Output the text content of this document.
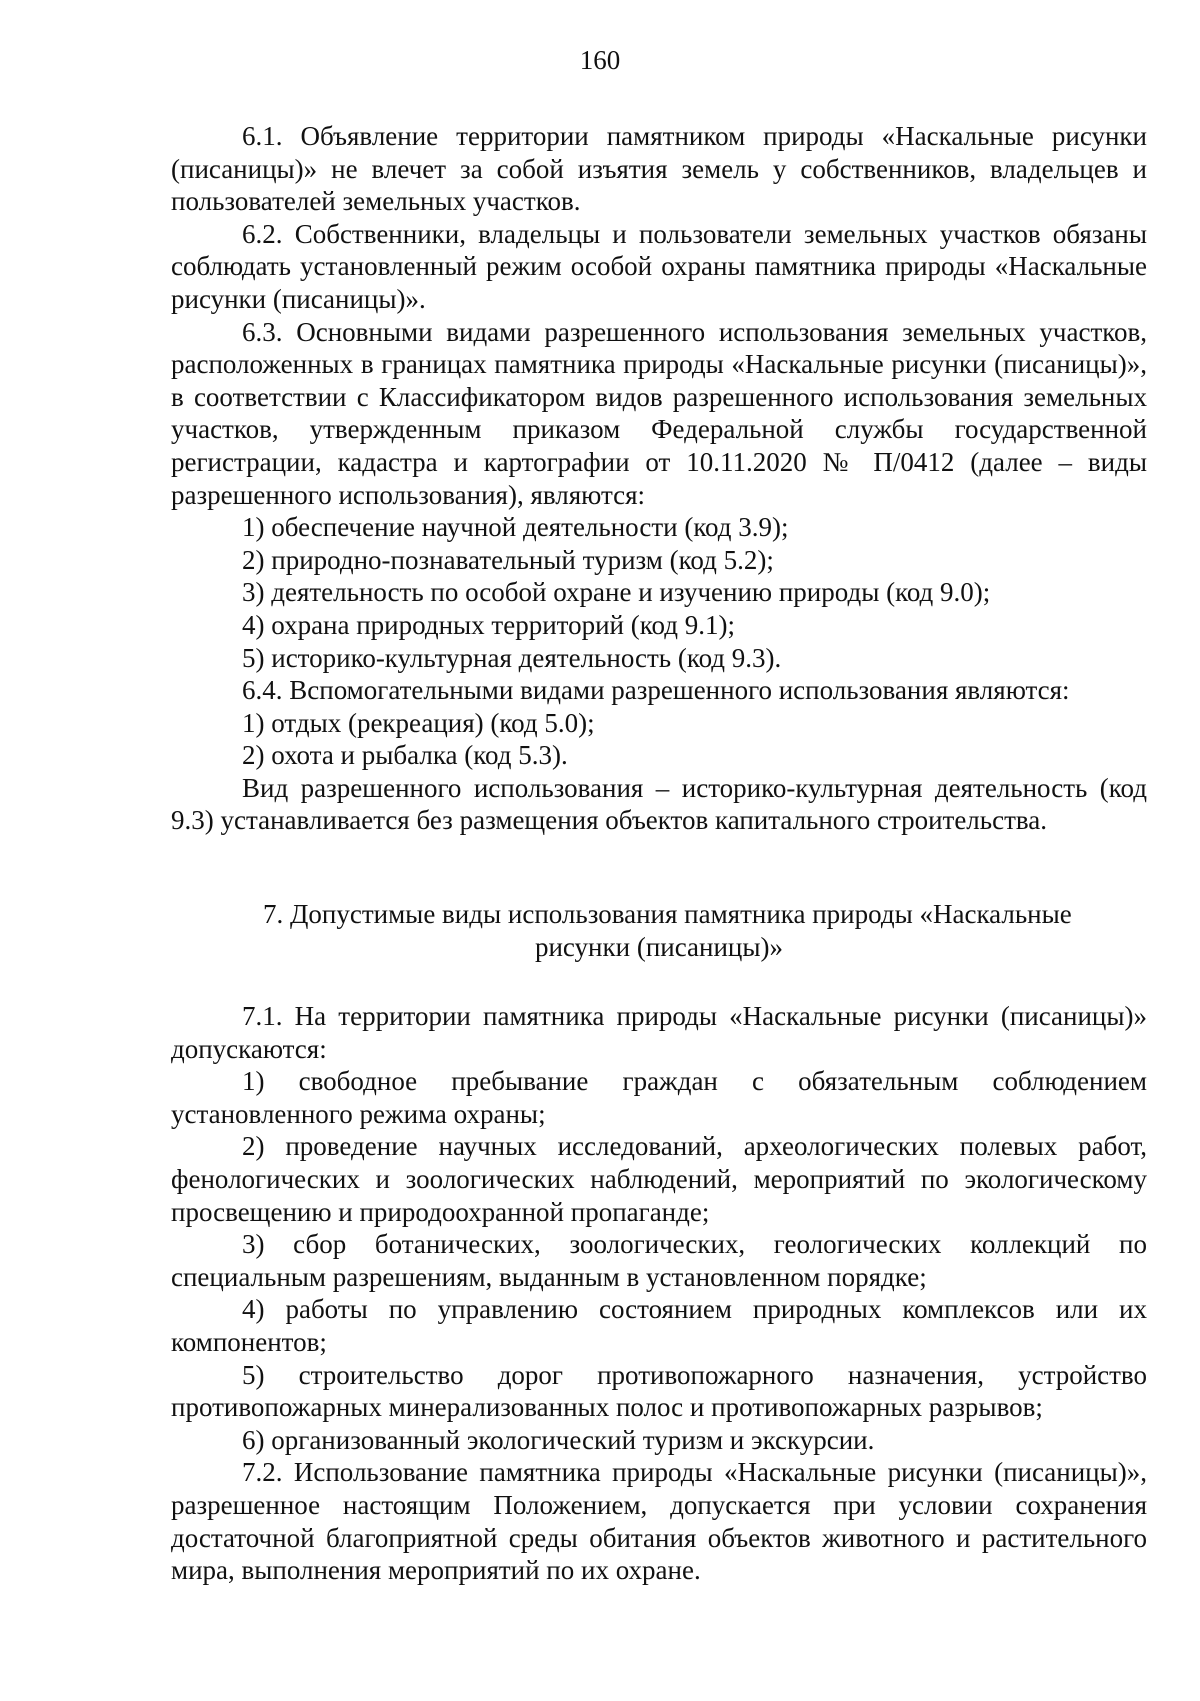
160

6.1. Объявление территории памятником природы «Наскальные рисунки (писаницы)» не влечет за собой изъятия земель у собственников, владельцев и пользователей земельных участков.

6.2. Собственники, владельцы и пользователи земельных участков обязаны соблюдать установленный режим особой охраны памятника природы «Наскальные рисунки (писаницы)».

6.3. Основными видами разрешенного использования земельных участков, расположенных в границах памятника природы «Наскальные рисунки (писаницы)», в соответствии с Классификатором видов разрешенного использования земельных участков, утвержденным приказом Федеральной службы государственной регистрации, кадастра и картографии от 10.11.2020 № П/0412 (далее – виды разрешенного использования), являются:

1) обеспечение научной деятельности (код 3.9);

2) природно-познавательный туризм (код 5.2);

3) деятельность по особой охране и изучению природы (код 9.0);

4) охрана природных территорий (код 9.1);

5) историко-культурная деятельность (код 9.3).

6.4. Вспомогательными видами разрешенного использования являются:

1) отдых (рекреация) (код 5.0);

2) охота и рыбалка (код 5.3).

Вид разрешенного использования – историко-культурная деятельность (код 9.3) устанавливается без размещения объектов капитального строительства.

7. Допустимые виды использования памятника природы «Наскальные
рисунки (писаницы)»

7.1. На территории памятника природы «Наскальные рисунки (писаницы)» допускаются:

1) свободное пребывание граждан с обязательным соблюдением установленного режима охраны;

2) проведение научных исследований, археологических полевых работ, фенологических и зоологических наблюдений, мероприятий по экологическому просвещению и природоохранной пропаганде;

3) сбор ботанических, зоологических, геологических коллекций по специальным разрешениям, выданным в установленном порядке;

4) работы по управлению состоянием природных комплексов или их компонентов;

5) строительство дорог противопожарного назначения, устройство противопожарных минерализованных полос и противопожарных разрывов;

6) организованный экологический туризм и экскурсии.

7.2. Использование памятника природы «Наскальные рисунки (писаницы)», разрешенное настоящим Положением, допускается при условии сохранения достаточной благоприятной среды обитания объектов животного и растительного мира, выполнения мероприятий по их охране.
